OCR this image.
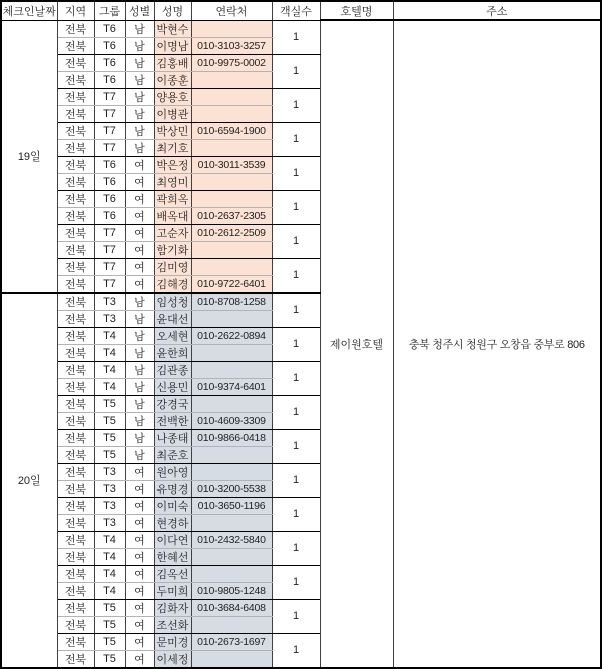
체크인날짜	지역	그룹	성별	성명	연락처	객실수	호텔명	주소
19일	전북	T6	남	박현수		1	제이원호텔	충북 청주시 청원구 오창읍 중부로 806
	전북	T6	남	이명남	010-3103-3257			
	전북	T6	남	김홍배	010-9975-0002	1		
	전북	T6	남	이종훈				
	전북	T7	남	양용호		1		
	전북	T7	남	이병관				
	전북	T7	남	박상민	010-6594-1900	1		
	전북	T7	남	최기호				
	전북	T6	여	박은정	010-3011-3539	1		
	전북	T6	여	최영미				
	전북	T6	여	곽희옥		1		
	전북	T6	여	배옥대	010-2637-2305			
	전북	T7	여	고순자	010-2612-2509	1		
	전북	T7	여	함기화				
	전북	T7	여	김미영		1		
	전북	T7	여	김해경	010-9722-6401			
20일	전북	T3	남	임성청	010-8708-1258	1		
	전북	T3	남	윤대선				
	전북	T4	남	오세현	010-2622-0894	1		
	전북	T4	남	윤한희				
	전북	T4	남	김관종		1		
	전북	T4	남	신용민	010-9374-6401			
	전북	T5	남	강경국		1		
	전북	T5	남	전백한	010-4609-3309			
	전북	T5	남	나종태	010-9866-0418	1		
	전북	T5	남	최준호				
	전북	T3	여	원아영		1		
	전북	T3	여	유명경	010-3200-5538			
	전북	T3	여	이미숙	010-3650-1196	1		
	전북	T3	여	현경하				
	전북	T4	여	이다연	010-2432-5840	1		
	전북	T4	여	한혜선				
	전북	T4	여	김옥선		1		
	전북	T4	여	두미희	010-9805-1248			
	전북	T5	여	김화자	010-3684-6408	1		
	전북	T5	여	조선화				
	전북	T5	여	문미경	010-2673-1697	1		
	전북	T5	여	이세정				
